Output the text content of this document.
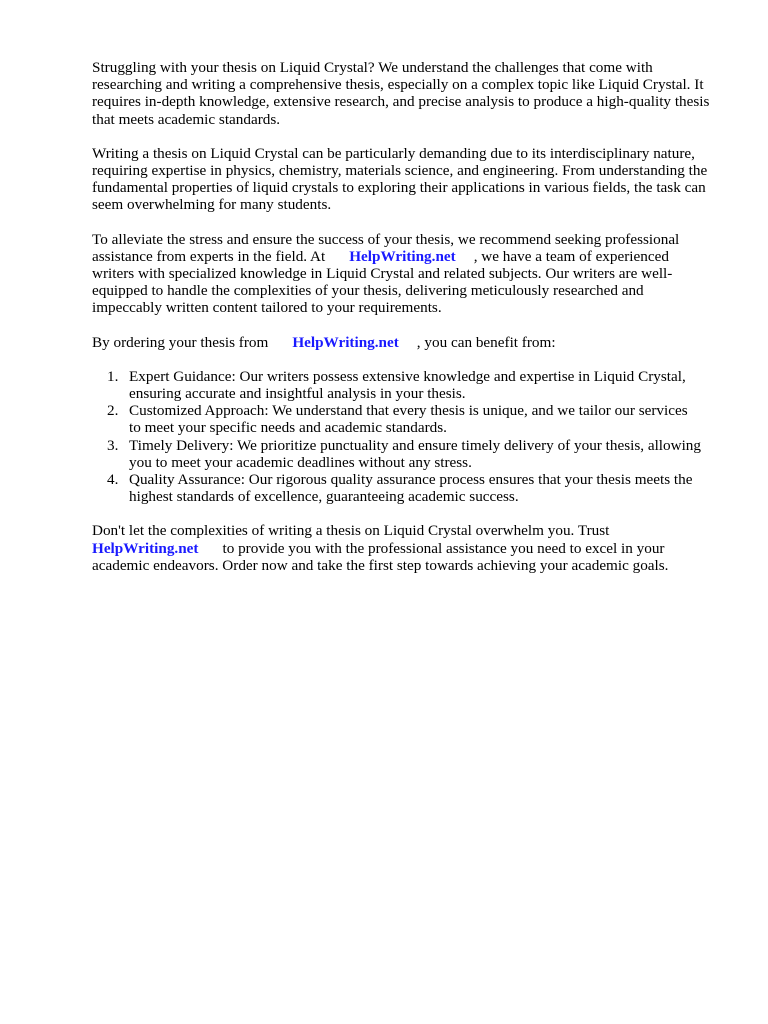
Struggling with your thesis on Liquid Crystal? We understand the challenges that come with
researching and writing a comprehensive thesis, especially on a complex topic like Liquid Crystal. It
requires in-depth knowledge, extensive research, and precise analysis to produce a high-quality thesis
that meets academic standards.

Writing a thesis on Liquid Crystal can be particularly demanding due to its interdisciplinary nature,
requiring expertise in physics, chemistry, materials science, and engineering. From understanding the
fundamental properties of liquid crystals to exploring their applications in various fields, the task can
seem overwhelming for many students.

To alleviate the stress and ensure the success of your thesis, we recommend seeking professional
assistance from experts in the field. At HelpWriting.net , we have a team of experienced
writers with specialized knowledge in Liquid Crystal and related subjects. Our writers are well-
equipped to handle the complexities of your thesis, delivering meticulously researched and
impeccably written content tailored to your requirements.

By ordering your thesis from HelpWriting.net , you can benefit from:

1. Expert Guidance: Our writers possess extensive knowledge and expertise in Liquid Crystal,
ensuring accurate and insightful analysis in your thesis.
2. Customized Approach: We understand that every thesis is unique, and we tailor our services
to meet your specific needs and academic standards.
3. Timely Delivery: We prioritize punctuality and ensure timely delivery of your thesis, allowing
you to meet your academic deadlines without any stress.
4. Quality Assurance: Our rigorous quality assurance process ensures that your thesis meets the
highest standards of excellence, guaranteeing academic success.

Don't let the complexities of writing a thesis on Liquid Crystal overwhelm you. Trust
HelpWriting.net to provide you with the professional assistance you need to excel in your
academic endeavors. Order now and take the first step towards achieving your academic goals.
